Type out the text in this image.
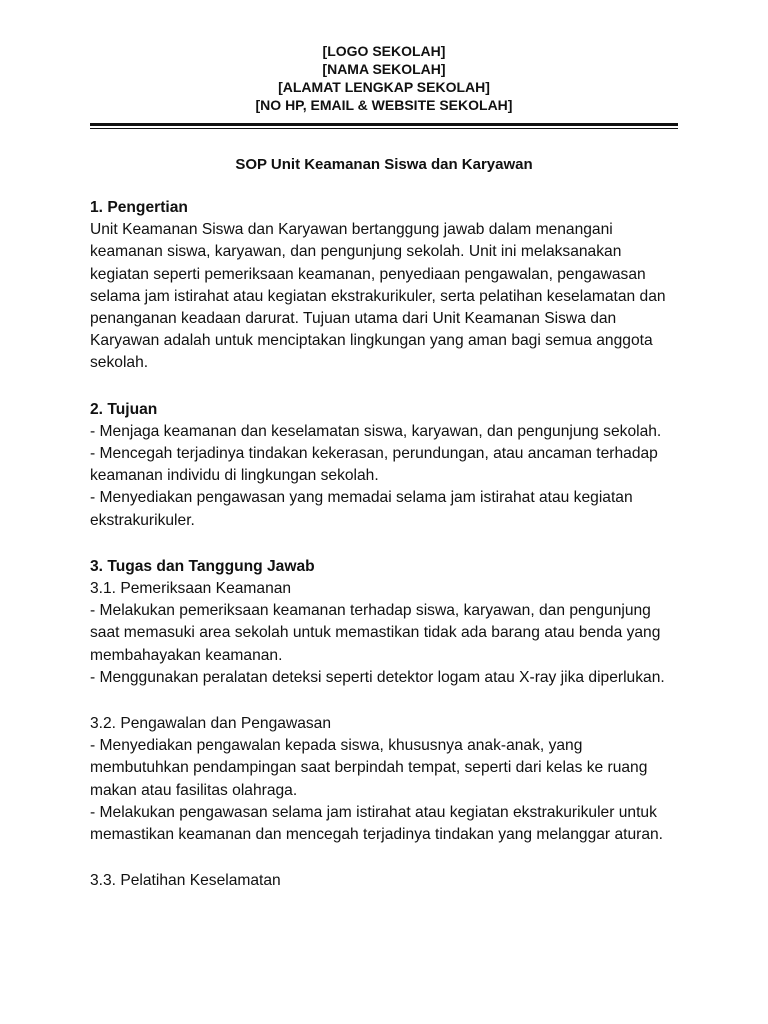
[LOGO SEKOLAH]
[NAMA SEKOLAH]
[ALAMAT LENGKAP SEKOLAH]
[NO HP, EMAIL & WEBSITE SEKOLAH]
SOP Unit Keamanan Siswa dan Karyawan

1. Pengertian

Unit Keamanan Siswa dan Karyawan bertanggung jawab dalam menangani keamanan siswa, karyawan, dan pengunjung sekolah. Unit ini melaksanakan kegiatan seperti pemeriksaan keamanan, penyediaan pengawalan, pengawasan selama jam istirahat atau kegiatan ekstrakurikuler, serta pelatihan keselamatan dan penanganan keadaan darurat. Tujuan utama dari Unit Keamanan Siswa dan Karyawan adalah untuk menciptakan lingkungan yang aman bagi semua anggota sekolah.

2. Tujuan

- Menjaga keamanan dan keselamatan siswa, karyawan, dan pengunjung sekolah.

- Mencegah terjadinya tindakan kekerasan, perundungan, atau ancaman terhadap keamanan individu di lingkungan sekolah.

- Menyediakan pengawasan yang memadai selama jam istirahat atau kegiatan ekstrakurikuler.

3. Tugas dan Tanggung Jawab

3.1. Pemeriksaan Keamanan

- Melakukan pemeriksaan keamanan terhadap siswa, karyawan, dan pengunjung saat memasuki area sekolah untuk memastikan tidak ada barang atau benda yang membahayakan keamanan.

- Menggunakan peralatan deteksi seperti detektor logam atau X-ray jika diperlukan.

3.2. Pengawalan dan Pengawasan

- Menyediakan pengawalan kepada siswa, khususnya anak-anak, yang membutuhkan pendampingan saat berpindah tempat, seperti dari kelas ke ruang makan atau fasilitas olahraga.

- Melakukan pengawasan selama jam istirahat atau kegiatan ekstrakurikuler untuk memastikan keamanan dan mencegah terjadinya tindakan yang melanggar aturan.

3.3. Pelatihan Keselamatan
